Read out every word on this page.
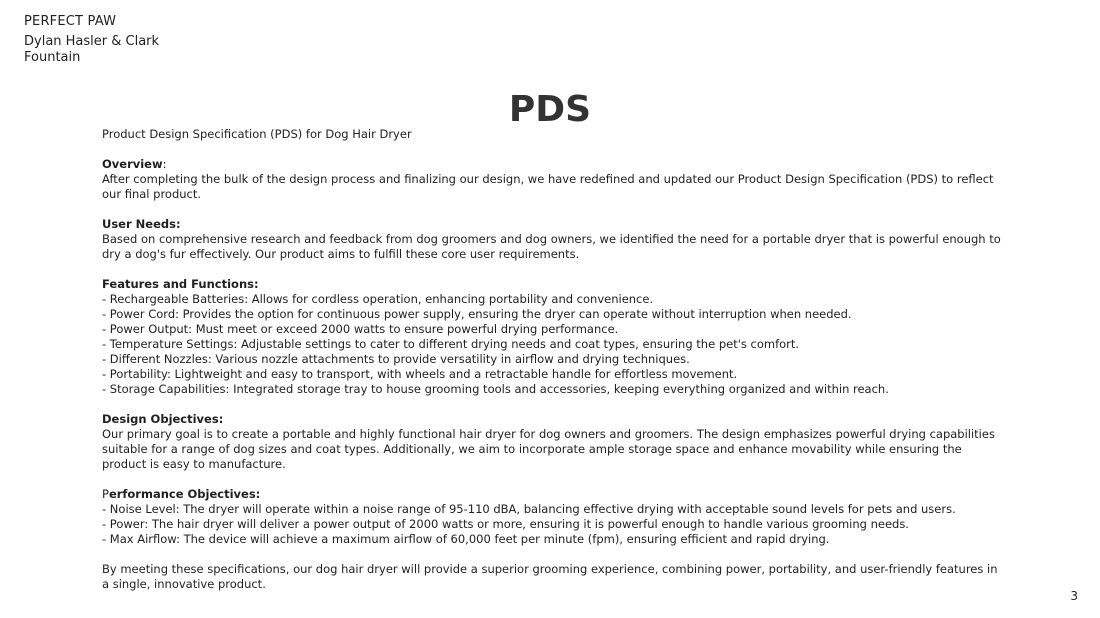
PERFECT PAW
Dylan Hasler & Clark Fountain
PDS

Product Design Specification (PDS) for Dog Hair Dryer

Overview:
After completing the bulk of the design process and finalizing our design, we have redefined and updated our Product Design Specification (PDS) to reflect our final product.

User Needs:
Based on comprehensive research and feedback from dog groomers and dog owners, we identified the need for a portable dryer that is powerful enough to dry a dog's fur effectively. Our product aims to fulfill these core user requirements.

Features and Functions:
- Rechargeable Batteries: Allows for cordless operation, enhancing portability and convenience.
- Power Cord: Provides the option for continuous power supply, ensuring the dryer can operate without interruption when needed.
- Power Output: Must meet or exceed 2000 watts to ensure powerful drying performance.
- Temperature Settings: Adjustable settings to cater to different drying needs and coat types, ensuring the pet's comfort.
- Different Nozzles: Various nozzle attachments to provide versatility in airflow and drying techniques.
- Portability: Lightweight and easy to transport, with wheels and a retractable handle for effortless movement.
- Storage Capabilities: Integrated storage tray to house grooming tools and accessories, keeping everything organized and within reach.

Design Objectives:
Our primary goal is to create a portable and highly functional hair dryer for dog owners and groomers. The design emphasizes powerful drying capabilities suitable for a range of dog sizes and coat types. Additionally, we aim to incorporate ample storage space and enhance movability while ensuring the product is easy to manufacture.

Performance Objectives:
- Noise Level: The dryer will operate within a noise range of 95-110 dBA, balancing effective drying with acceptable sound levels for pets and users.
- Power: The hair dryer will deliver a power output of 2000 watts or more, ensuring it is powerful enough to handle various grooming needs.
- Max Airflow: The device will achieve a maximum airflow of 60,000 feet per minute (fpm), ensuring efficient and rapid drying.

By meeting these specifications, our dog hair dryer will provide a superior grooming experience, combining power, portability, and user-friendly features in a single, innovative product.

3
